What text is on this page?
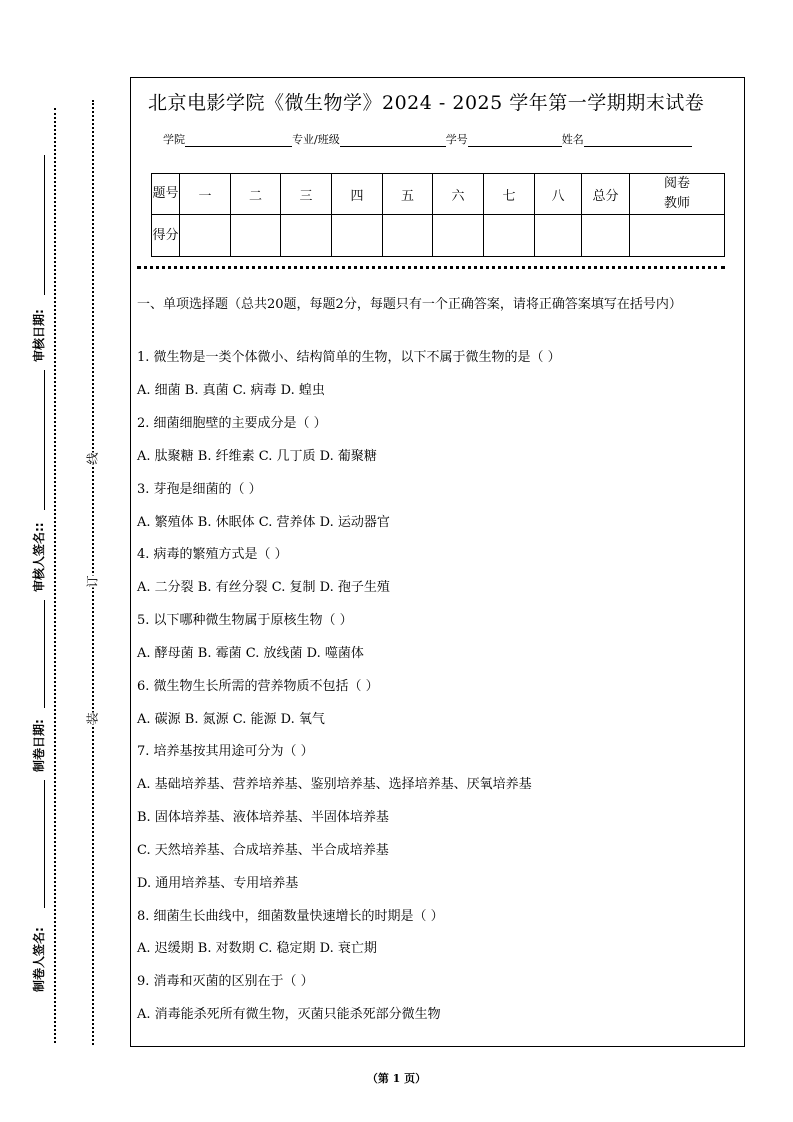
审核日期:
审核人签名::
制卷日期:
制卷人签名:
线
订
装
北京电影学院《微生物学》2024 - 2025 学年第一学期期末试卷
学院	专业/班级	学号	姓名
题号	一	二	三	四	五	六	七	八	总分	阅卷教师
得分										
一、单项选择题（总共20题，每题2分，每题只有一个正确答案，请将正确答案填写在括号内）
1. 微生物是一类个体微小、结构简单的生物，以下不属于微生物的是（ ）
A. 细菌 B. 真菌 C. 病毒 D. 蝗虫
2. 细菌细胞壁的主要成分是（ ）
A. 肽聚糖 B. 纤维素 C. 几丁质 D. 葡聚糖
3. 芽孢是细菌的（ ）
A. 繁殖体 B. 休眠体 C. 营养体 D. 运动器官
4. 病毒的繁殖方式是（ ）
A. 二分裂 B. 有丝分裂 C. 复制 D. 孢子生殖
5. 以下哪种微生物属于原核生物（ ）
A. 酵母菌 B. 霉菌 C. 放线菌 D. 噬菌体
6. 微生物生长所需的营养物质不包括（ ）
A. 碳源 B. 氮源 C. 能源 D. 氧气
7. 培养基按其用途可分为（ ）
A. 基础培养基、营养培养基、鉴别培养基、选择培养基、厌氧培养基
B. 固体培养基、液体培养基、半固体培养基
C. 天然培养基、合成培养基、半合成培养基
D. 通用培养基、专用培养基
8. 细菌生长曲线中，细菌数量快速增长的时期是（ ）
A. 迟缓期 B. 对数期 C. 稳定期 D. 衰亡期
9. 消毒和灭菌的区别在于（ ）
A. 消毒能杀死所有微生物，灭菌只能杀死部分微生物
（第 1 页）
